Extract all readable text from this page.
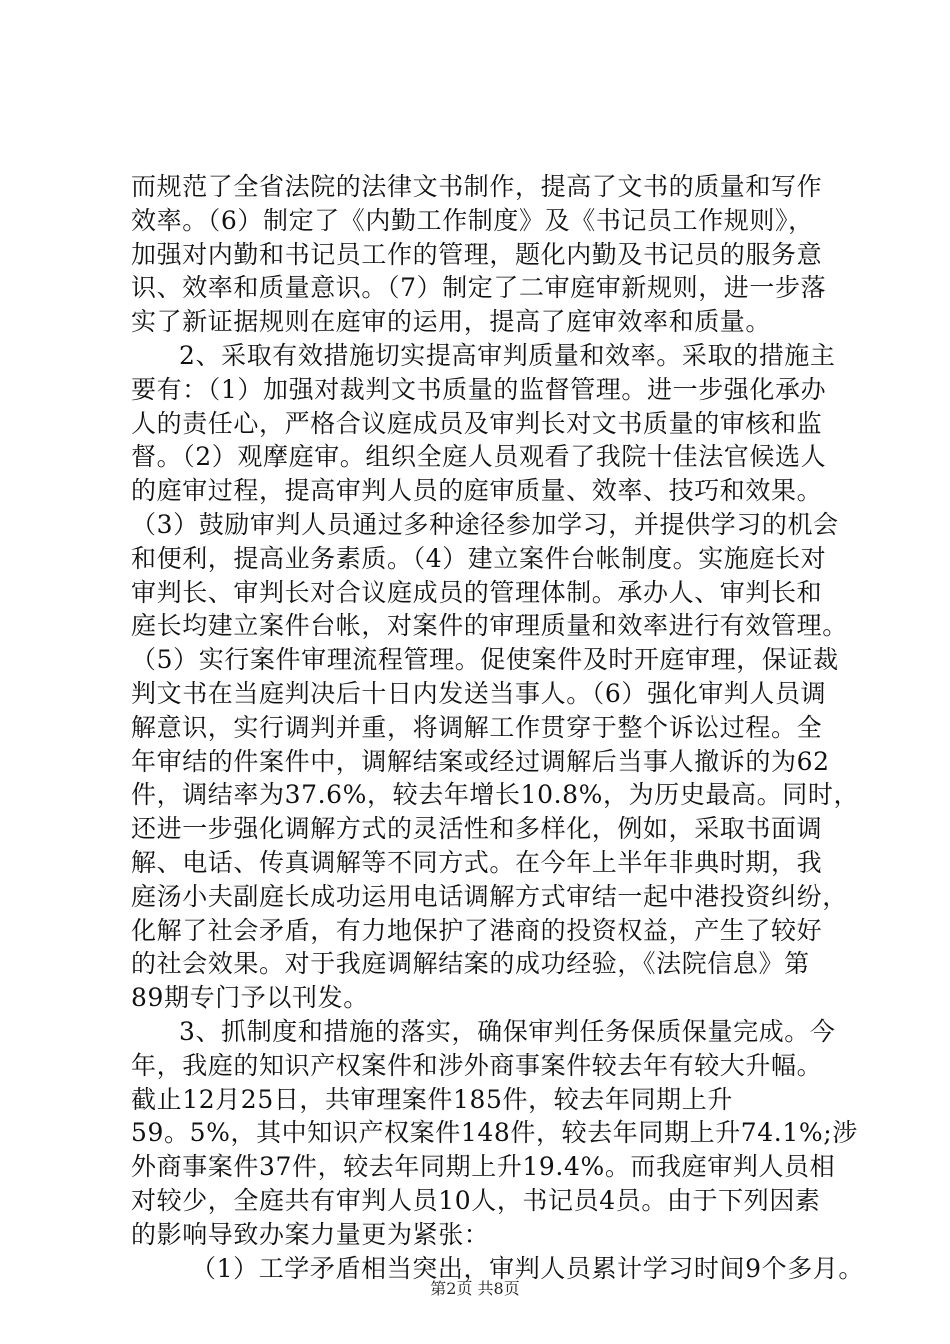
而规范了全省法院的法律文书制作，提高了文书的质量和写作
效率。（6）制定了《内勤工作制度》及《书记员工作规则》，
加强对内勤和书记员工作的管理，题化内勤及书记员的服务意
识、效率和质量意识。（7）制定了二审庭审新规则，进一步落
实了新证据规则在庭审的运用，提高了庭审效率和质量。
2、采取有效措施切实提高审判质量和效率。采取的措施主
要有：（1）加强对裁判文书质量的监督管理。进一步强化承办
人的责任心，严格合议庭成员及审判长对文书质量的审核和监
督。（2）观摩庭审。组织全庭人员观看了我院十佳法官候选人
的庭审过程，提高审判人员的庭审质量、效率、技巧和效果。
（3）鼓励审判人员通过多种途径参加学习，并提供学习的机会
和便利，提高业务素质。（4）建立案件台帐制度。实施庭长对
审判长、审判长对合议庭成员的管理体制。承办人、审判长和
庭长均建立案件台帐，对案件的审理质量和效率进行有效管理。
（5）实行案件审理流程管理。促使案件及时开庭审理，保证裁
判文书在当庭判决后十日内发送当事人。（6）强化审判人员调
解意识，实行调判并重，将调解工作贯穿于整个诉讼过程。全
年审结的件案件中，调解结案或经过调解后当事人撤诉的为62
件，调结率为37.6%，较去年增长10.8%，为历史最高。同时，
还进一步强化调解方式的灵活性和多样化，例如，采取书面调
解、电话、传真调解等不同方式。在今年上半年非典时期，我
庭汤小夫副庭长成功运用电话调解方式审结一起中港投资纠纷，
化解了社会矛盾，有力地保护了港商的投资权益，产生了较好
的社会效果。对于我庭调解结案的成功经验，《法院信息》第
89期专门予以刊发。
3、抓制度和措施的落实，确保审判任务保质保量完成。今
年，我庭的知识产权案件和涉外商事案件较去年有较大升幅。
截止12月25日，共审理案件185件，较去年同期上升
59。5%，其中知识产权案件148件，较去年同期上升74.1%;涉
外商事案件37件，较去年同期上升19.4%。而我庭审判人员相
对较少，全庭共有审判人员10人，书记员4员。由于下列因素
的影响导致办案力量更为紧张：
（1）工学矛盾相当突出，审判人员累计学习时间9个多月。
第2页 共8页
